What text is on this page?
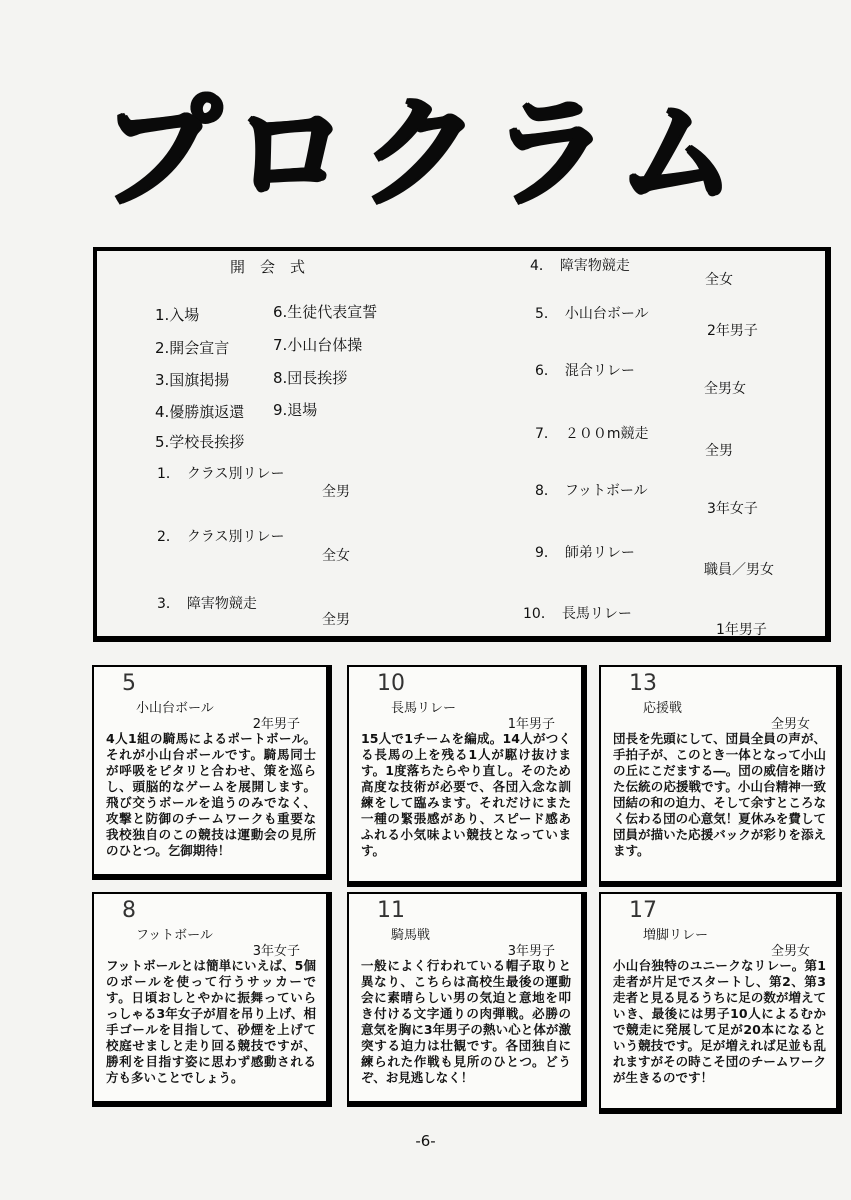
プロクラム
開　会　式
1.入場
2.開会宣言
3.国旗掲揚
4.優勝旗返還
5.学校長挨拶
6.生徒代表宣誓
7.小山台体操
8.団長挨拶
9.退場
1．　クラス別リレー
全男
2．　クラス別リレー
全女
3．　障害物競走
全男
4．　障害物競走
全女
5．　小山台ボール
2年男子
6．　混合リレー
全男女
7．　２００m競走
全男
8．　フットボール
3年女子
9．　師弟リレー
職員／男女
10．　長馬リレー
1年男子
5
小山台ボール
2年男子
4人1組の騎馬によるポートボール。それが小山台ボールです。騎馬同士が呼吸をピタリと合わせ、策を巡らし、頭脳的なゲームを展開します。飛び交うボールを追うのみでなく、攻撃と防御のチームワークも重要な我校独自のこの競技は運動会の見所のひとつ。乞御期待！
10
長馬リレー
1年男子
15人で1チームを編成。14人がつくる長馬の上を残る1人が駆け抜けます。1度落ちたらやり直し。そのため高度な技術が必要で、各団入念な訓練をして臨みます。それだけにまた一種の緊張感があり、スピード感あふれる小気味よい競技となっています。
13
応援戦
全男女
団長を先頭にして、団員全員の声が、手拍子が、このとき一体となって小山の丘にこだまする―。団の威信を賭けた伝統の応援戦です。小山台精神一致団結の和の迫力、そして余すところなく伝わる団の心意気！夏休みを費して団員が描いた応援バックが彩りを添えます。
8
フットボール
3年女子
フットボールとは簡単にいえば、5個のボールを使って行うサッカーです。日頃おしとやかに振舞っていらっしゃる3年女子が眉を吊り上げ、相手ゴールを目指して、砂煙を上げて校庭せましと走り回る競技ですが、勝利を目指す姿に思わず感動される方も多いことでしょう。
11
騎馬戦
3年男子
一般によく行われている帽子取りと異なり、こちらは高校生最後の運動会に素晴らしい男の気迫と意地を叩き付ける文字通りの肉弾戦。必勝の意気を胸に3年男子の熱い心と体が激突する迫力は壮観です。各団独自に練られた作戦も見所のひとつ。どうぞ、お見逃しなく！
17
増脚リレー
全男女
小山台独特のユニークなリレー。第1走者が片足でスタートし、第2、第3走者と見る見るうちに足の数が増えていき、最後には男子10人によるむかで競走に発展して足が20本になるという競技です。足が増えれば足並も乱れますがその時こそ団のチームワークが生きるのです！
-6-
